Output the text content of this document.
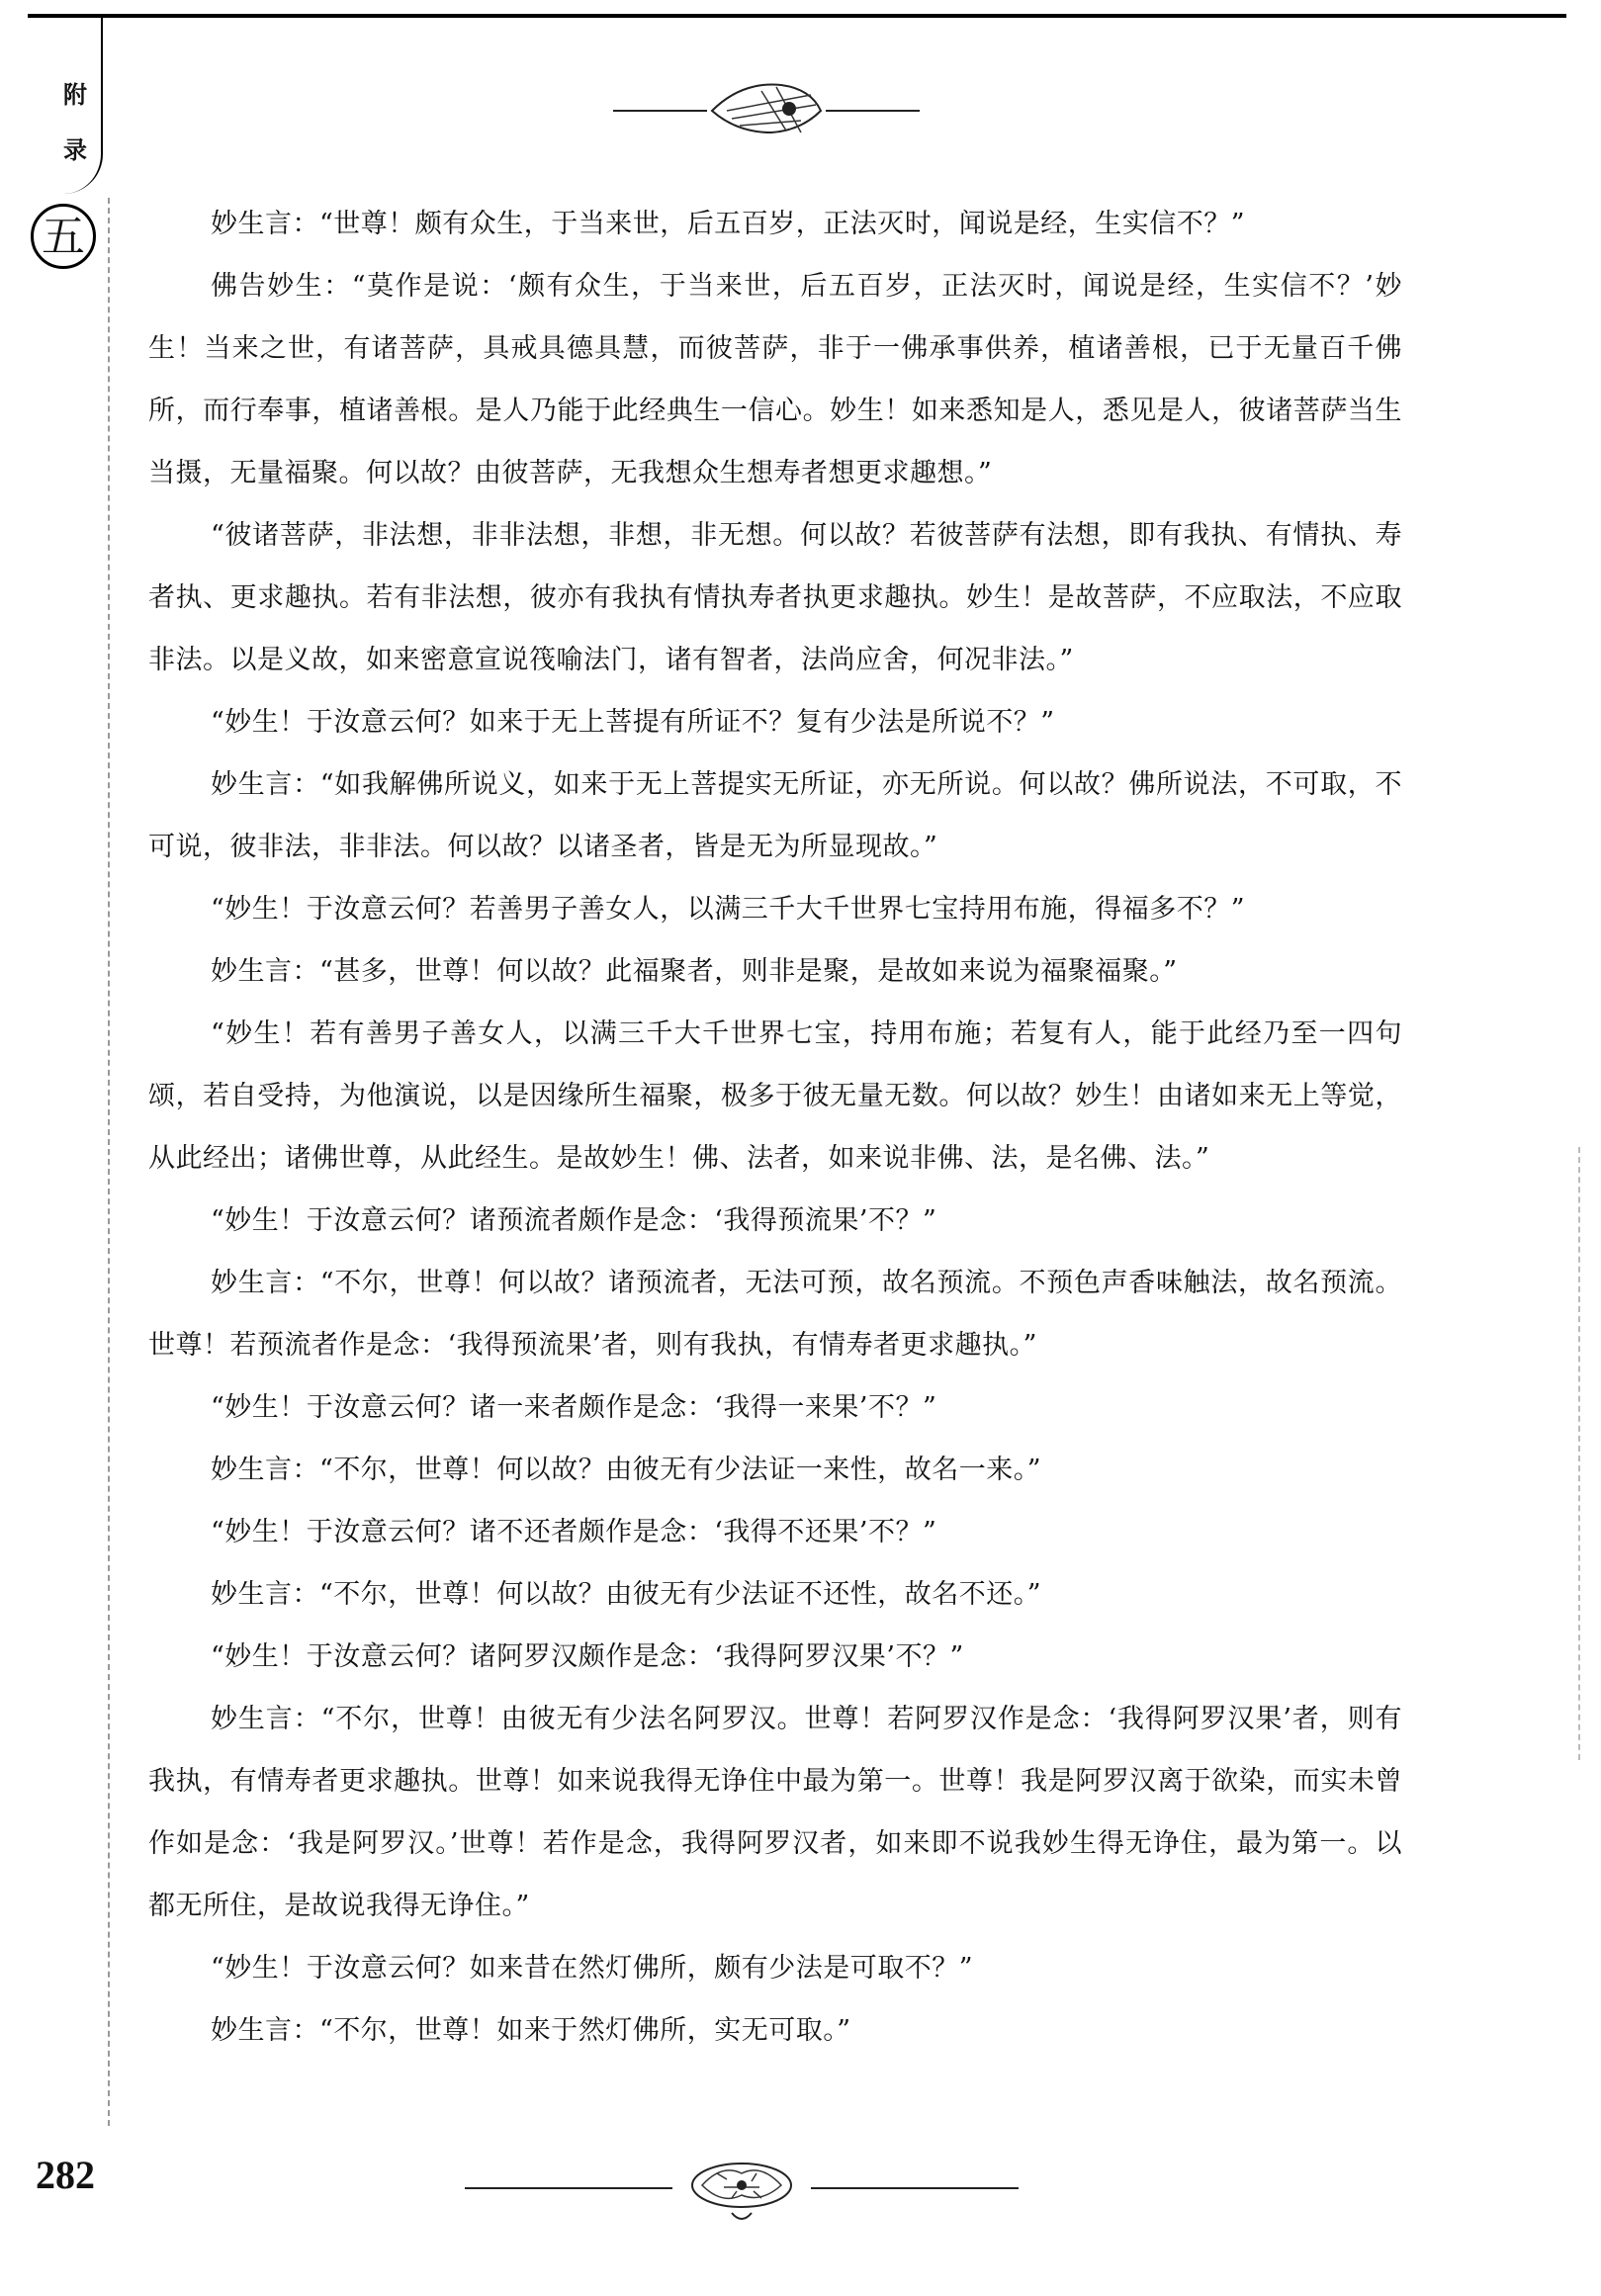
附
录
五	妙生言：“世尊！颇有众生，于当来世，后五百岁，正法灭时，闻说是经，生实信不？”

佛告妙生：“莫作是说：‘颇有众生，于当来世，后五百岁，正法灭时，闻说是经，生实信不？’妙生！当来之世，有诸菩萨，具戒具德具慧，而彼菩萨，非于一佛承事供养，植诸善根，已于无量百千佛所，而行奉事，植诸善根。是人乃能于此经典生一信心。妙生！如来悉知是人，悉见是人，彼诸菩萨当生当摄，无量福聚。何以故？由彼菩萨，无我想众生想寿者想更求趣想。”

“彼诸菩萨，非法想，非非法想，非想，非无想。何以故？若彼菩萨有法想，即有我执、有情执、寿者执、更求趣执。若有非法想，彼亦有我执有情执寿者执更求趣执。妙生！是故菩萨，不应取法，不应取非法。以是义故，如来密意宣说筏喻法门，诸有智者，法尚应舍，何况非法。”

“妙生！于汝意云何？如来于无上菩提有所证不？复有少法是所说不？”

妙生言：“如我解佛所说义，如来于无上菩提实无所证，亦无所说。何以故？佛所说法，不可取，不可说，彼非法，非非法。何以故？以诸圣者，皆是无为所显现故。”

“妙生！于汝意云何？若善男子善女人，以满三千大千世界七宝持用布施，得福多不？”

妙生言：“甚多，世尊！何以故？此福聚者，则非是聚，是故如来说为福聚福聚。”

“妙生！若有善男子善女人，以满三千大千世界七宝，持用布施；若复有人，能于此经乃至一四句颂，若自受持，为他演说，以是因缘所生福聚，极多于彼无量无数。何以故？妙生！由诸如来无上等觉，从此经出；诸佛世尊，从此经生。是故妙生！佛、法者，如来说非佛、法，是名佛、法。”

“妙生！于汝意云何？诸预流者颇作是念：‘我得预流果’不？”

妙生言：“不尔，世尊！何以故？诸预流者，无法可预，故名预流。不预色声香味触法，故名预流。世尊！若预流者作是念：‘我得预流果’者，则有我执，有情寿者更求趣执。”

“妙生！于汝意云何？诸一来者颇作是念：‘我得一来果’不？”

妙生言：“不尔，世尊！何以故？由彼无有少法证一来性，故名一来。”

“妙生！于汝意云何？诸不还者颇作是念：‘我得不还果’不？”

妙生言：“不尔，世尊！何以故？由彼无有少法证不还性，故名不还。”

“妙生！于汝意云何？诸阿罗汉颇作是念：‘我得阿罗汉果’不？”

妙生言：“不尔，世尊！由彼无有少法名阿罗汉。世尊！若阿罗汉作是念：‘我得阿罗汉果’者，则有我执，有情寿者更求趣执。世尊！如来说我得无诤住中最为第一。世尊！我是阿罗汉离于欲染，而实未曾作如是念：‘我是阿罗汉。’世尊！若作是念，我得阿罗汉者，如来即不说我妙生得无诤住，最为第一。以都无所住，是故说我得无诤住。”

“妙生！于汝意云何？如来昔在然灯佛所，颇有少法是可取不？”

妙生言：“不尔，世尊！如来于然灯佛所，实无可取。”

282
